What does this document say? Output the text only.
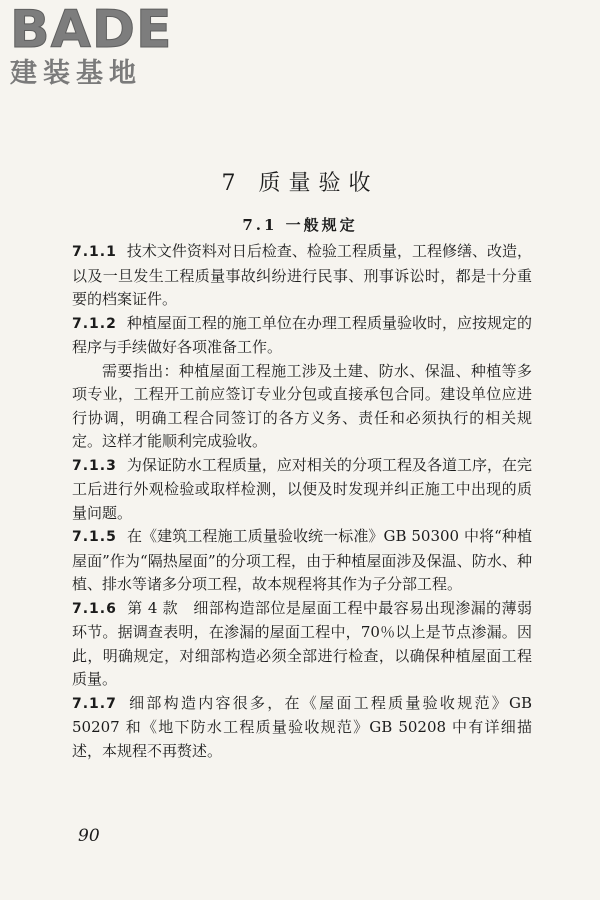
BADE
建装基地
7 质量验收
7.1 一般规定

7.1.1 技术文件资料对日后检查、检验工程质量，工程修缮、改造，以及一旦发生工程质量事故纠纷进行民事、刑事诉讼时，都是十分重要的档案证件。

7.1.2 种植屋面工程的施工单位在办理工程质量验收时，应按规定的程序与手续做好各项准备工作。

需要指出：种植屋面工程施工涉及土建、防水、保温、种植等多项专业，工程开工前应签订专业分包或直接承包合同。建设单位应进行协调，明确工程合同签订的各方义务、责任和必须执行的相关规定。这样才能顺利完成验收。

7.1.3 为保证防水工程质量，应对相关的分项工程及各道工序，在完工后进行外观检验或取样检测，以便及时发现并纠正施工中出现的质量问题。

7.1.5 在《建筑工程施工质量验收统一标准》GB 50300 中将“种植屋面”作为“隔热屋面”的分项工程，由于种植屋面涉及保温、防水、种植、排水等诸多分项工程，故本规程将其作为子分部工程。

7.1.6 第 4 款　细部构造部位是屋面工程中最容易出现渗漏的薄弱环节。据调查表明，在渗漏的屋面工程中，70％以上是节点渗漏。因此，明确规定，对细部构造必须全部进行检查，以确保种植屋面工程质量。

7.1.7 细部构造内容很多，在《屋面工程质量验收规范》GB 50207 和《地下防水工程质量验收规范》GB 50208 中有详细描述，本规程不再赘述。

90
